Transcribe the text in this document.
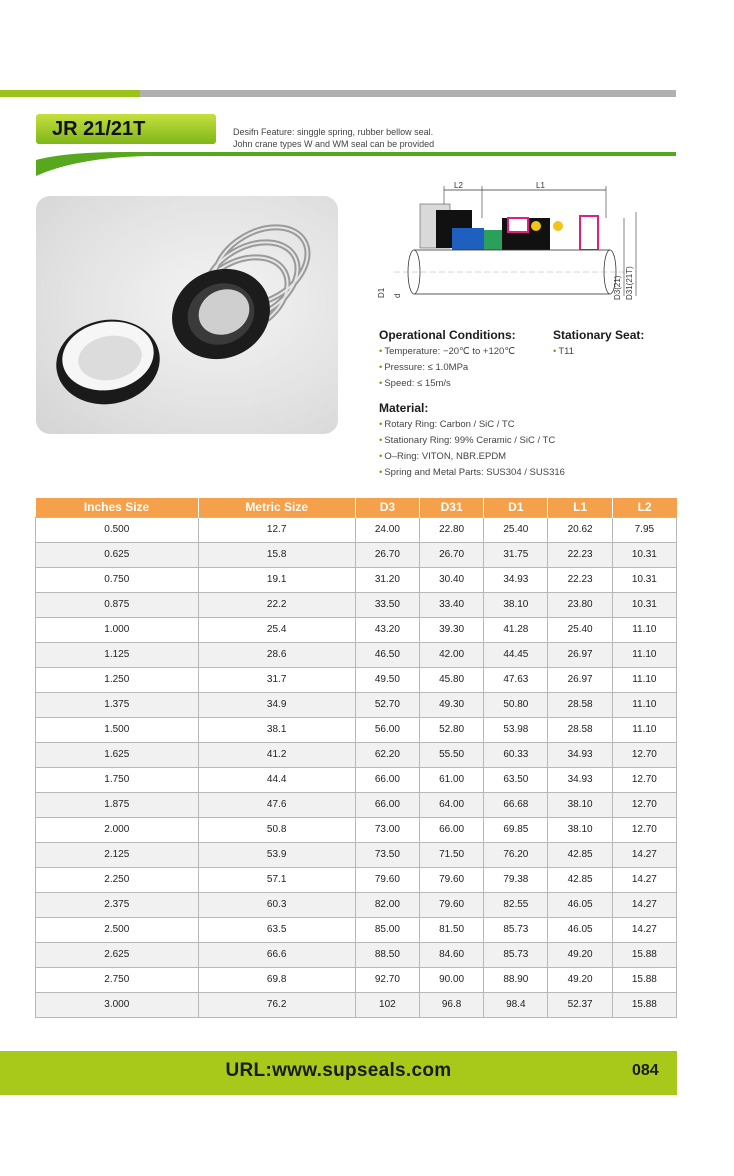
JR 21/21T	Desifn Feature: singgle spring, rubber bellow seal.
John crane types W and WM seal can be provided
L2	L1
D1 d	D3(21) D31(21T)
Operational Conditions:
• Temperature: −20℃ to +120℃
• Pressure: ≤ 1.0MPa
• Speed: ≤ 15m/s
Stationary Seat:
• T11
Material:
• Rotary Ring: Carbon / SiC / TC
• Stationary Ring: 99% Ceramic / SiC / TC
• O–Ring: VITON, NBR.EPDM
• Spring and Metal Parts: SUS304 / SUS316
Inches Size	Metric Size	D3	D31	D1	L1	L2
0.500	12.7	24.00	22.80	25.40	20.62	7.95
0.625	15.8	26.70	26.70	31.75	22.23	10.31
0.750	19.1	31.20	30.40	34.93	22.23	10.31
0.875	22.2	33.50	33.40	38.10	23.80	10.31
1.000	25.4	43.20	39.30	41.28	25.40	11.10
1.125	28.6	46.50	42.00	44.45	26.97	11.10
1.250	31.7	49.50	45.80	47.63	26.97	11.10
1.375	34.9	52.70	49.30	50.80	28.58	11.10
1.500	38.1	56.00	52.80	53.98	28.58	11.10
1.625	41.2	62.20	55.50	60.33	34.93	12.70
1.750	44.4	66.00	61.00	63.50	34.93	12.70
1.875	47.6	66.00	64.00	66.68	38.10	12.70
2.000	50.8	73.00	66.00	69.85	38.10	12.70
2.125	53.9	73.50	71.50	76.20	42.85	14.27
2.250	57.1	79.60	79.60	79.38	42.85	14.27
2.375	60.3	82.00	79.60	82.55	46.05	14.27
2.500	63.5	85.00	81.50	85.73	46.05	14.27
2.625	66.6	88.50	84.60	85.73	49.20	15.88
2.750	69.8	92.70	90.00	88.90	49.20	15.88
3.000	76.2	102	96.8	98.4	52.37	15.88
URL:www.supseals.com	084
